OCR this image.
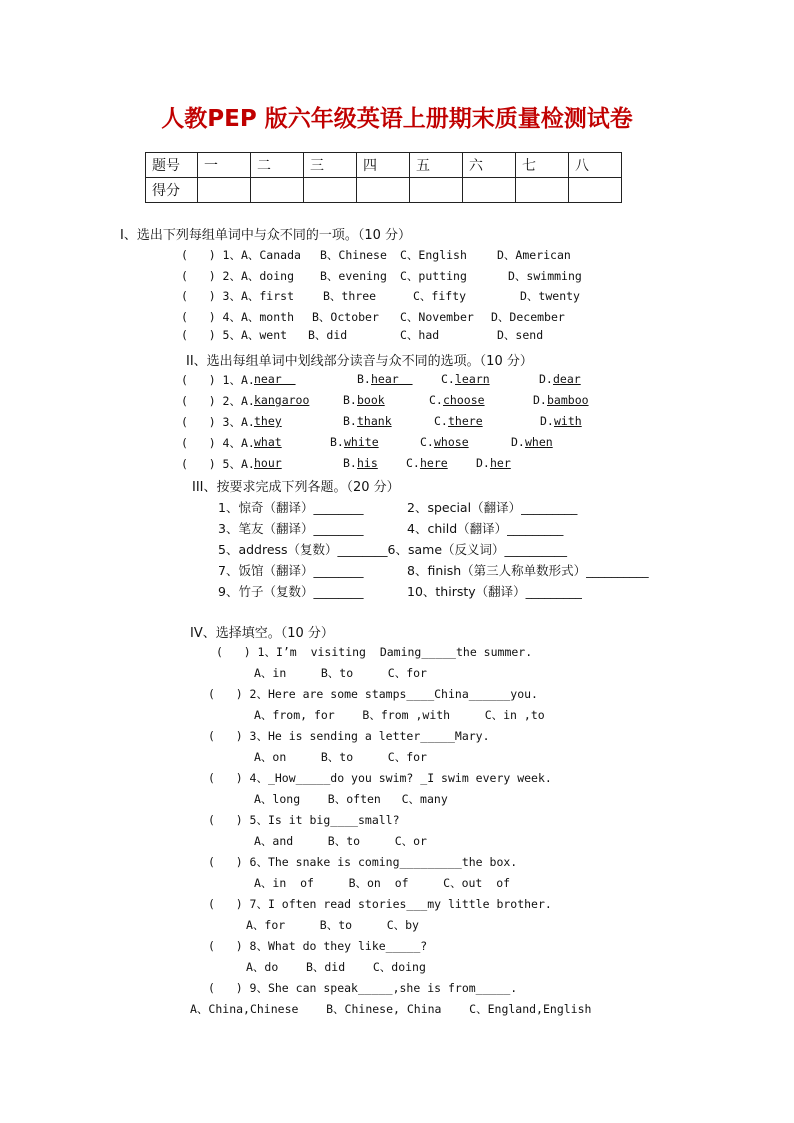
人教PEP 版六年级英语上册期末质量检测试卷
题号	一	二	三	四	五	六	七	八
得分								
I、选出下列每组单词中与众不同的一项。（10 分）
(   ) 1、A、Canada B、Chinese C、English	D、American
(   ) 2、A、doing B、evening C、putting	D、swimming
(   ) 3、A、first	B、three	C、fifty	D、twenty
(   ) 4、A、month B、October C、November D、December
(   ) 5、A、went B、did	C、had	D、send
II、选出每组单词中划线部分读音与众不同的选项。（10 分）
(   ) 1、A. near	B. hear C. learn	D. dear
(   ) 2、A. kangaroo	B. book	C. choose	D. bamboo
(   ) 3、A. they	B. thank	C. there	D. with
(   ) 4、A. what	B. white	C. whose	D. when
(   ) 5、A. hour	B. his C. here D. her
III、按要求完成下列各题。（20 分）
1、惊奇（翻译）________	2、special（翻译）_________
3、笔友（翻译）________	4、child（翻译）_________
5、address（复数）________6、same（反义词）__________
7、饭馆（翻译）________	8、finish（第三人称单数形式）__________
9、竹子（复数）________	10、thirsty（翻译）_________
IV、选择填空。（10 分）
(   ) 1、I’m  visiting  Daming_____the summer.
A、in     B、to     C、for
(   ) 2、Here are some stamps____China______you.
A、from, for    B、from ,with     C、in ,to
(   ) 3、He is sending a letter_____Mary.
A、on     B、to     C、for
(   ) 4、_How_____do you swim? _I swim every week.
A、long    B、often   C、many
(   ) 5、Is it big____small?
A、and     B、to     C、or
(   ) 6、The snake is coming_________the box.
A、in  of     B、on  of     C、out  of
(   ) 7、I often read stories___my little brother.
A、for     B、to     C、by
(   ) 8、What do they like_____?
A、do    B、did    C、doing
(   ) 9、She can speak_____,she is from_____.
A、China,Chinese    B、Chinese, China    C、England,English
